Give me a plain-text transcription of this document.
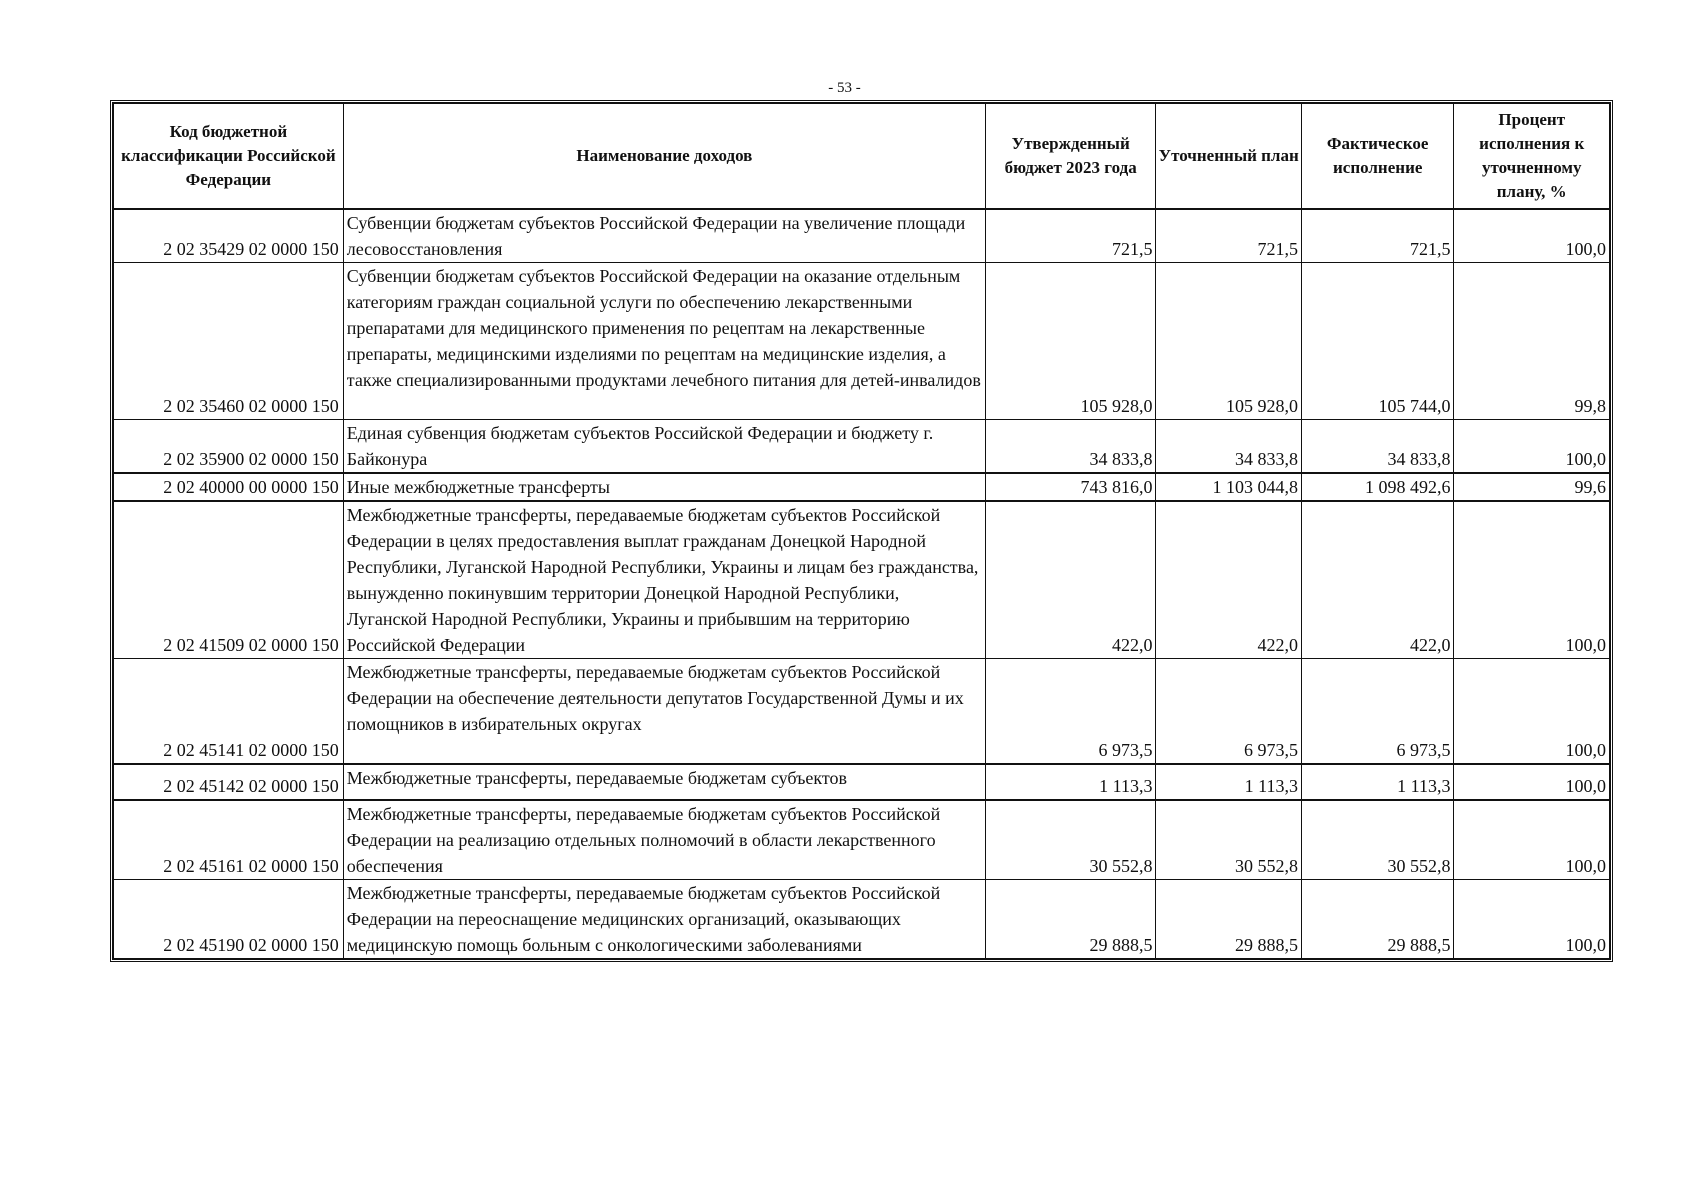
- 53 -
Код бюджетной классификации Российской Федерации	Наименование доходов	Утвержденный бюджет 2023 года	Уточненный план	Фактическое исполнение	Процент исполнения к уточненному плану, %
2 02 35429 02 0000 150	Субвенции бюджетам субъектов Российской Федерации на увеличение площади лесовосстановления	721,5	721,5	721,5	100,0
2 02 35460 02 0000 150	Субвенции бюджетам субъектов Российской Федерации на оказание отдельным категориям граждан социальной услуги по обеспечению лекарственными препаратами для медицинского применения по рецептам на лекарственные препараты, медицинскими изделиями по рецептам на медицинские изделия, а также специализированными продуктами лечебного питания для детей-инвалидов	105 928,0	105 928,0	105 744,0	99,8
2 02 35900 02 0000 150	Единая субвенция бюджетам субъектов Российской Федерации и бюджету г. Байконура	34 833,8	34 833,8	34 833,8	100,0
2 02 40000 00 0000 150	Иные межбюджетные трансферты	743 816,0	1 103 044,8	1 098 492,6	99,6
2 02 41509 02 0000 150	Межбюджетные трансферты, передаваемые бюджетам субъектов Российской Федерации в целях предоставления выплат гражданам Донецкой Народной Республики, Луганской Народной Республики, Украины и лицам без гражданства, вынужденно покинувшим территории Донецкой Народной Республики, Луганской Народной Республики, Украины и прибывшим на территорию Российской Федерации	422,0	422,0	422,0	100,0
2 02 45141 02 0000 150	Межбюджетные трансферты, передаваемые бюджетам субъектов Российской Федерации на обеспечение деятельности депутатов Государственной Думы и их помощников в избирательных округах	6 973,5	6 973,5	6 973,5	100,0
2 02 45142 02 0000 150	Межбюджетные трансферты, передаваемые бюджетам субъектов	1 113,3	1 113,3	1 113,3	100,0
2 02 45161 02 0000 150	Межбюджетные трансферты, передаваемые бюджетам субъектов Российской Федерации на реализацию отдельных полномочий в области лекарственного обеспечения	30 552,8	30 552,8	30 552,8	100,0
2 02 45190 02 0000 150	Межбюджетные трансферты, передаваемые бюджетам субъектов Российской Федерации на переоснащение медицинских организаций, оказывающих медицинскую помощь больным с онкологическими заболеваниями	29 888,5	29 888,5	29 888,5	100,0
